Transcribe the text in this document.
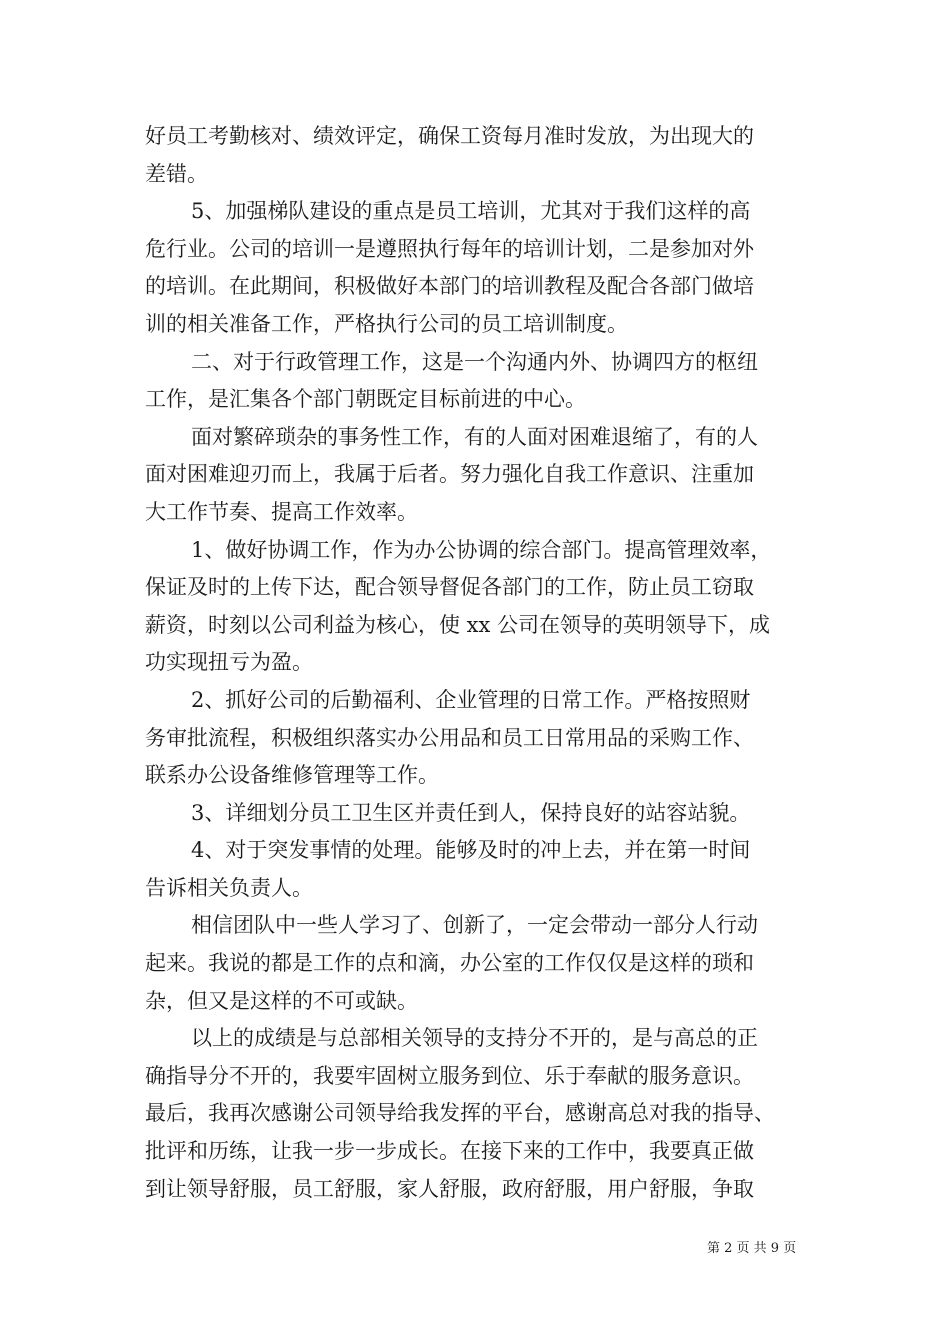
好员工考勤核对、绩效评定，确保工资每月准时发放，为出现大的
差错。
5、加强梯队建设的重点是员工培训，尤其对于我们这样的高
危行业。公司的培训一是遵照执行每年的培训计划，二是参加对外
的培训。在此期间，积极做好本部门的培训教程及配合各部门做培
训的相关准备工作，严格执行公司的员工培训制度。
二、对于行政管理工作，这是一个沟通内外、协调四方的枢纽
工作，是汇集各个部门朝既定目标前进的中心。
面对繁碎琐杂的事务性工作，有的人面对困难退缩了，有的人
面对困难迎刃而上，我属于后者。努力强化自我工作意识、注重加
大工作节奏、提高工作效率。
1、做好协调工作，作为办公协调的综合部门。提高管理效率，
保证及时的上传下达，配合领导督促各部门的工作，防止员工窃取
薪资，时刻以公司利益为核心，使 xx 公司在领导的英明领导下，成
功实现扭亏为盈。
2、抓好公司的后勤福利、企业管理的日常工作。严格按照财
务审批流程，积极组织落实办公用品和员工日常用品的采购工作、
联系办公设备维修管理等工作。
3、详细划分员工卫生区并责任到人，保持良好的站容站貌。
4、对于突发事情的处理。能够及时的冲上去，并在第一时间
告诉相关负责人。
相信团队中一些人学习了、创新了，一定会带动一部分人行动
起来。我说的都是工作的点和滴，办公室的工作仅仅是这样的琐和
杂，但又是这样的不可或缺。
以上的成绩是与总部相关领导的支持分不开的，是与高总的正
确指导分不开的，我要牢固树立服务到位、乐于奉献的服务意识。
最后，我再次感谢公司领导给我发挥的平台，感谢高总对我的指导、
批评和历练，让我一步一步成长。在接下来的工作中，我要真正做
到让领导舒服，员工舒服，家人舒服，政府舒服，用户舒服，争取
第 2 页 共 9 页
